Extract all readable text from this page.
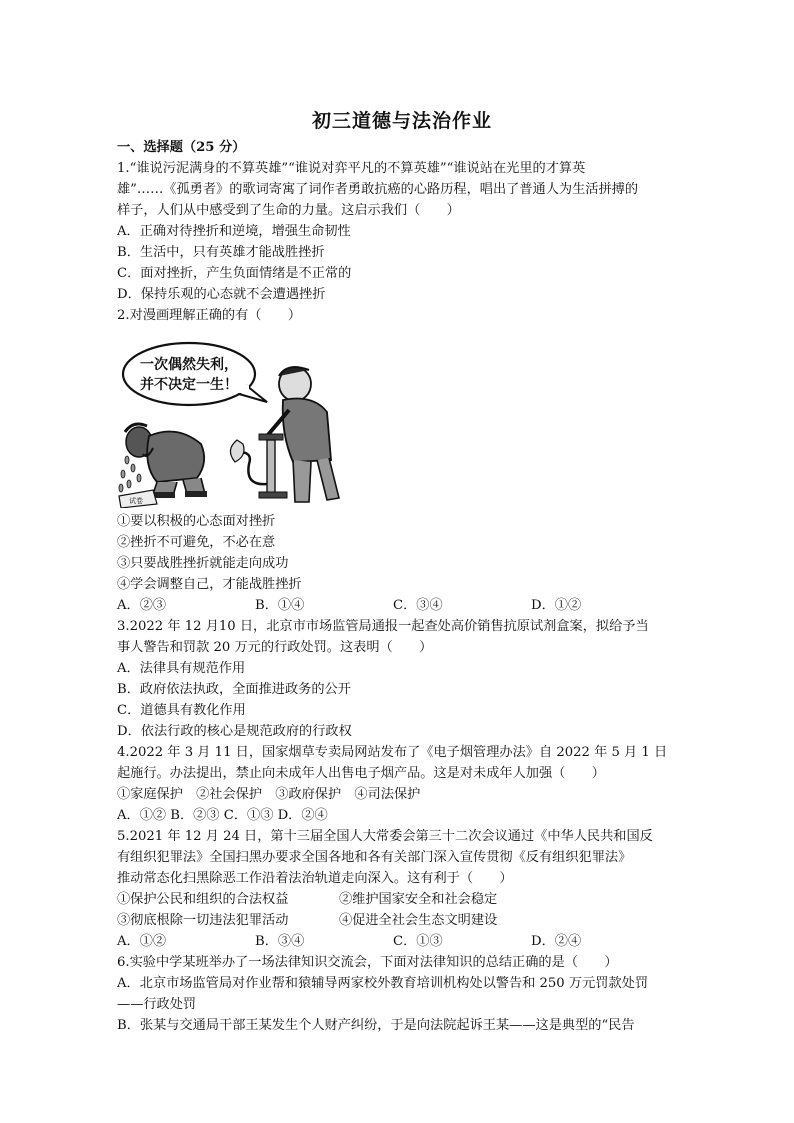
初三道德与法治作业
一、选择题（25 分）
1.“谁说污泥满身的不算英雄”“谁说对弈平凡的不算英雄”“谁说站在光里的才算英
雄”……《孤勇者》的歌词寄寓了词作者勇敢抗癌的心路历程，唱出了普通人为生活拼搏的
样子，人们从中感受到了生命的力量。这启示我们（　　）
A．正确对待挫折和逆境，增强生命韧性
B．生活中，只有英雄才能战胜挫折
C．面对挫折，产生负面情绪是不正常的
D．保持乐观的心态就不会遭遇挫折
2.对漫画理解正确的有（　　）
一次偶然失利，
并不决定一生！
试卷
①要以积极的心态面对挫折
②挫折不可避免，不必在意
③只要战胜挫折就能走向成功
④学会调整自己，才能战胜挫折
A．②③	B．①④	C．③④	D．①②
3.2022 年 12 月10 日，北京市市场监管局通报一起查处高价销售抗原试剂盒案，拟给予当
事人警告和罚款 20 万元的行政处罚。这表明（　　）
A．法律具有规范作用
B．政府依法执政，全面推进政务的公开
C．道德具有教化作用
D．依法行政的核心是规范政府的行政权
4.2022 年 3 月 11 日，国家烟草专卖局网站发布了《电子烟管理办法》自 2022 年 5 月 1 日
起施行。办法提出，禁止向未成年人出售电子烟产品。这是对未成年人加强（　　）
①家庭保护　 ②社会保护　 ③政府保护　 ④司法保护
A．①② B．②③ C．①③ D．②④
5.2021 年 12 月 24 日，第十三届全国人大常委会第三十二次会议通过《中华人民共和国反
有组织犯罪法》全国扫黑办要求全国各地和各有关部门深入宣传贯彻《反有组织犯罪法》
推动常态化扫黑除恶工作沿着法治轨道走向深入。这有利于（　　）
①保护公民和组织的合法权益	②维护国家安全和社会稳定
③彻底根除一切违法犯罪活动	④促进全社会生态文明建设
A．①②	B．③④	C．①③	D．②④
6.实验中学某班举办了一场法律知识交流会，下面对法律知识的总结正确的是（　　）
A．北京市场监管局对作业帮和猿辅导两家校外教育培训机构处以警告和 250 万元罚款处罚
——行政处罚
B．张某与交通局干部王某发生个人财产纠纷，于是向法院起诉王某——这是典型的“民告
